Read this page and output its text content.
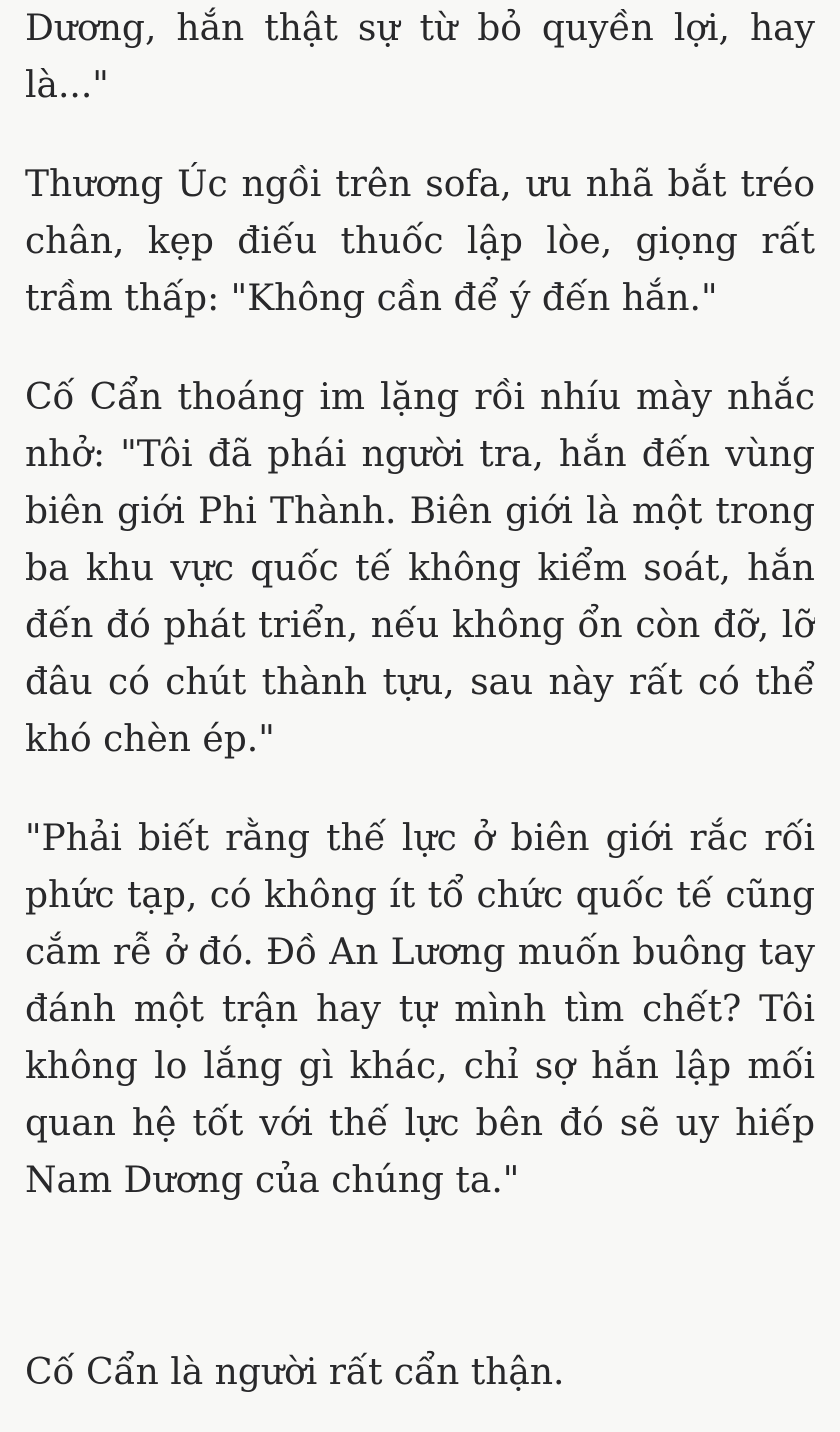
Dương, hắn thật sự từ bỏ quyền lợi, hay
là..."
Thương Úc ngồi trên sofa, ưu nhã bắt tréo
chân, kẹp điếu thuốc lập lòe, giọng rất
trầm thấp: "Không cần để ý đến hắn."
Cố Cẩn thoáng im lặng rồi nhíu mày nhắc
nhở: "Tôi đã phái người tra, hắn đến vùng
biên giới Phi Thành. Biên giới là một trong
ba khu vực quốc tế không kiểm soát, hắn
đến đó phát triển, nếu không ổn còn đỡ, lỡ
đâu có chút thành tựu, sau này rất có thể
khó chèn ép."
"Phải biết rằng thế lực ở biên giới rắc rối
phức tạp, có không ít tổ chức quốc tế cũng
cắm rễ ở đó. Đồ An Lương muốn buông tay
đánh một trận hay tự mình tìm chết? Tôi
không lo lắng gì khác, chỉ sợ hắn lập mối
quan hệ tốt với thế lực bên đó sẽ uy hiếp
Nam Dương của chúng ta."
Cố Cẩn là người rất cẩn thận.
